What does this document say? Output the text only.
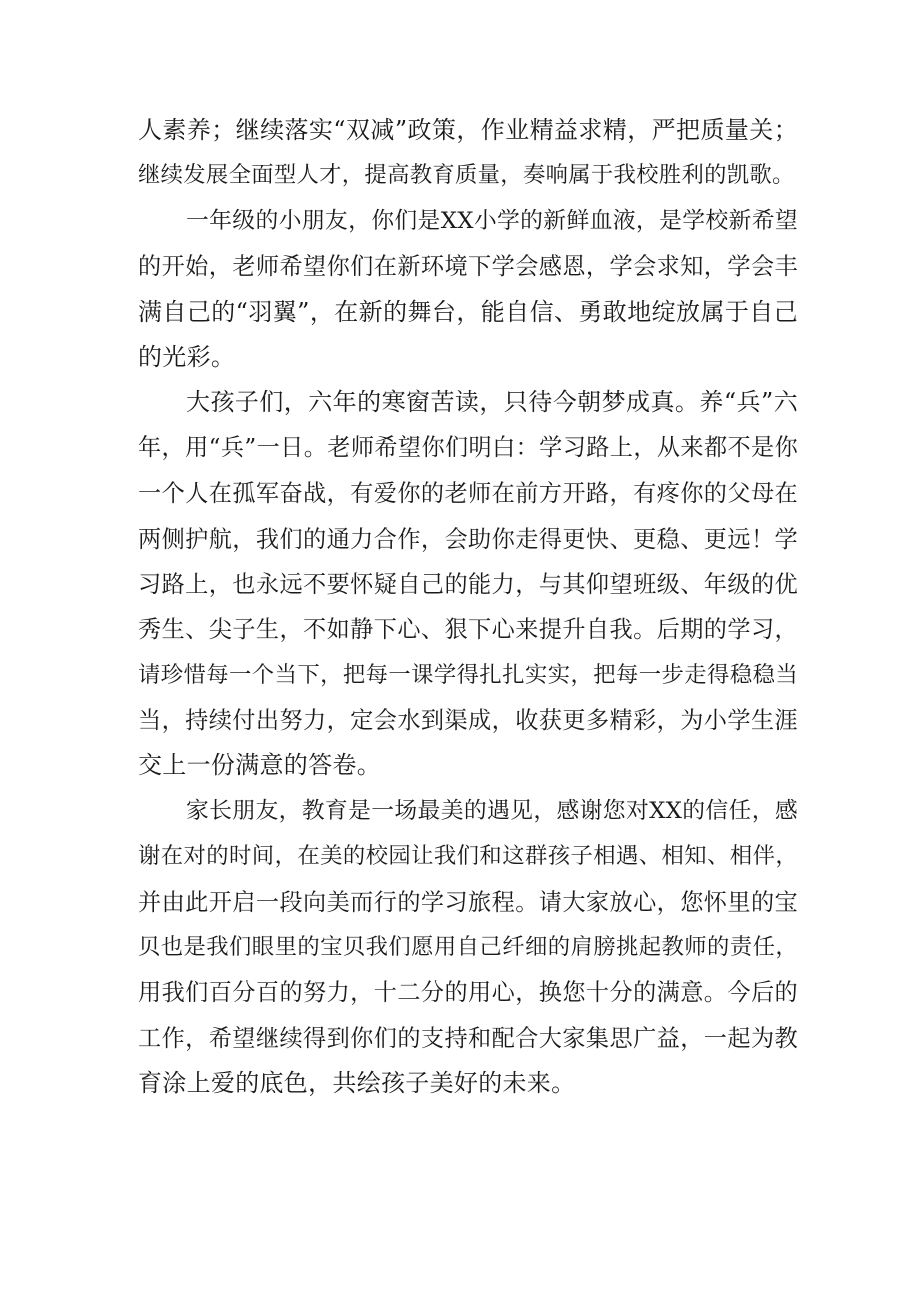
人素养；继续落实“双减”政策，作业精益求精，严把质量关；
继续发展全面型人才，提高教育质量，奏响属于我校胜利的凯歌。
一年级的小朋友，你们是XX小学的新鲜血液，是学校新希望
的开始，老师希望你们在新环境下学会感恩，学会求知，学会丰
满自己的“羽翼”，在新的舞台，能自信、勇敢地绽放属于自己
的光彩。
大孩子们，六年的寒窗苦读，只待今朝梦成真。养“兵”六
年，用“兵”一日。老师希望你们明白：学习路上，从来都不是你
一个人在孤军奋战，有爱你的老师在前方开路，有疼你的父母在
两侧护航，我们的通力合作，会助你走得更快、更稳、更远！学
习路上，也永远不要怀疑自己的能力，与其仰望班级、年级的优
秀生、尖子生，不如静下心、狠下心来提升自我。后期的学习，
请珍惜每一个当下，把每一课学得扎扎实实，把每一步走得稳稳当
当，持续付出努力，定会水到渠成，收获更多精彩，为小学生涯
交上一份满意的答卷。
家长朋友，教育是一场最美的遇见，感谢您对XX的信任，感
谢在对的时间，在美的校园让我们和这群孩子相遇、相知、相伴，
并由此开启一段向美而行的学习旅程。请大家放心，您怀里的宝
贝也是我们眼里的宝贝我们愿用自己纤细的肩膀挑起教师的责任，
用我们百分百的努力，十二分的用心，换您十分的满意。今后的
工作，希望继续得到你们的支持和配合大家集思广益，一起为教
育涂上爱的底色，共绘孩子美好的未来。
